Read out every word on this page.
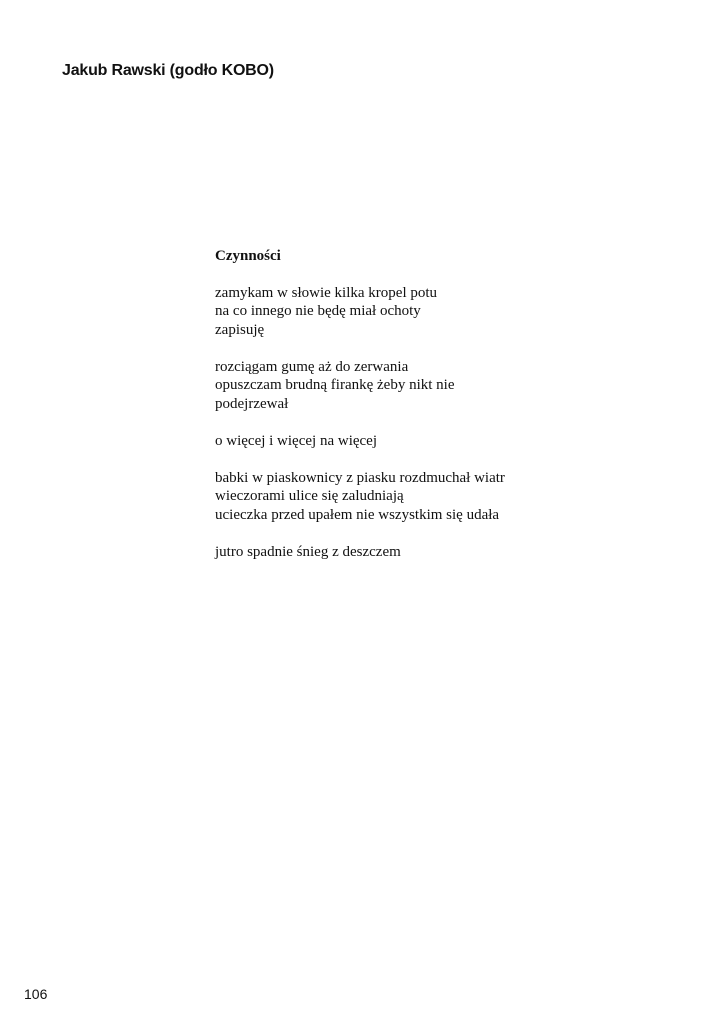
Jakub Rawski (godło KOBO)
Czynności
zamykam w słowie kilka kropel potu
na co innego nie będę miał ochoty
zapisuję
rozciągam gumę aż do zerwania
opuszczam brudną firankę żeby nikt nie
podejrzewał
o więcej i więcej na więcej
babki w piaskownicy z piasku rozdmuchał wiatr
wieczorami ulice się zaludniają
ucieczka przed upałem nie wszystkim się udała
jutro spadnie śnieg z deszczem
106
